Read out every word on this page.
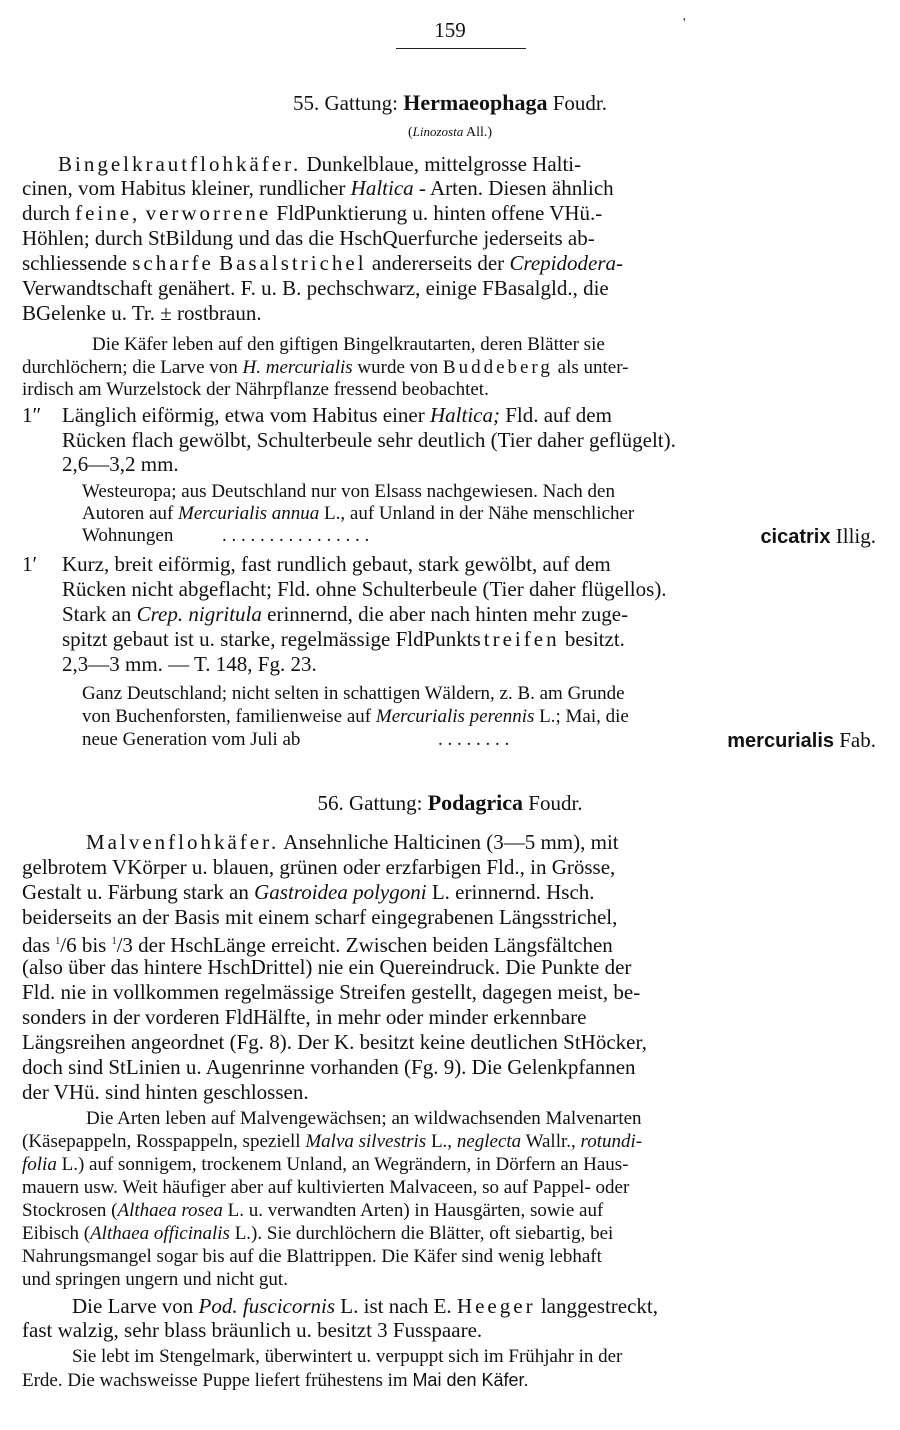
159	'
55. Gattung: Hermaeophaga Foudr.
(Linozosta All.)
Bingelkrautflohkäfer. Dunkelblaue, mittelgrosse Halti-
cinen, vom Habitus kleiner, rundlicher Haltica - Arten. Diesen ähnlich
durch feine, verworrene FldPunktierung u. hinten offene VHü.-
Höhlen; durch StBildung und das die HschQuerfurche jederseits ab-
schliessende scharfe Basalstrichel andererseits der Crepidodera-
Verwandtschaft genähert. F. u. B. pechschwarz, einige FBasalgld., die
BGelenke u. Tr. ± rostbraun.
Die Käfer leben auf den giftigen Bingelkrautarten, deren Blätter sie
durchlöchern; die Larve von H. mercurialis wurde von Buddeberg als unter-
irdisch am Wurzelstock der Nährpflanze fressend beobachtet.
1″ Länglich eiförmig, etwa vom Habitus einer Haltica; Fld. auf dem
Rücken flach gewölbt, Schulterbeule sehr deutlich (Tier daher geflügelt).
2,6—3,2 mm.
Westeuropa; aus Deutschland nur von Elsass nachgewiesen. Nach den
Autoren auf Mercurialis annua L., auf Unland in der Nähe menschlicher
Wohnungen	. . . . . . . . . . . . . . . .	cicatrix Illig.
1′	Kurz, breit eiförmig, fast rundlich gebaut, stark gewölbt, auf dem
Rücken nicht abgeflacht; Fld. ohne Schulterbeule (Tier daher flügellos).
Stark an Crep. nigritula erinnernd, die aber nach hinten mehr zuge-
spitzt gebaut ist u. starke, regelmässige FldPunktstreifen besitzt.
2,3—3 mm. — T. 148, Fg. 23.
Ganz Deutschland; nicht selten in schattigen Wäldern, z. B. am Grunde
von Buchenforsten, familienweise auf Mercurialis perennis L.; Mai, die
neue Generation vom Juli ab	. . . . . . . .	mercurialis Fab.
56. Gattung: Podagrica Foudr.
Malvenflohkäfer. Ansehnliche Halticinen (3—5 mm), mit
gelbrotem VKörper u. blauen, grünen oder erzfarbigen Fld., in Grösse,
Gestalt u. Färbung stark an Gastroidea polygoni L. erinnernd. Hsch.
beiderseits an der Basis mit einem scharf eingegrabenen Längsstrichel,
das $^1$/6 bis $^1$/3 der HschLänge erreicht. Zwischen beiden Längsfältchen
(also über das hintere HschDrittel) nie ein Quereindruck. Die Punkte der
Fld. nie in vollkommen regelmässige Streifen gestellt, dagegen meist, be-
sonders in der vorderen FldHälfte, in mehr oder minder erkennbare
Längsreihen angeordnet (Fg. 8). Der K. besitzt keine deutlichen StHöcker,
doch sind StLinien u. Augenrinne vorhanden (Fg. 9). Die Gelenkpfannen
der VHü. sind hinten geschlossen.
Die Arten leben auf Malvengewächsen; an wildwachsenden Malvenarten
(Käsepappeln, Rosspappeln, speziell Malva silvestris L., neglecta Wallr., rotundi-
folia L.) auf sonnigem, trockenem Unland, an Wegrändern, in Dörfern an Haus-
mauern usw. Weit häufiger aber auf kultivierten Malvaceen, so auf Pappel- oder
Stockrosen (Althaea rosea L. u. verwandten Arten) in Hausgärten, sowie auf
Eibisch (Althaea officinalis L.). Sie durchlöchern die Blätter, oft siebartig, bei
Nahrungsmangel sogar bis auf die Blattrippen. Die Käfer sind wenig lebhaft
und springen ungern und nicht gut.
Die Larve von Pod. fuscicornis L. ist nach E. Heeger langgestreckt,
fast walzig, sehr blass bräunlich u. besitzt 3 Fusspaare.
Sie lebt im Stengelmark, überwintert u. verpuppt sich im Frühjahr in der
Erde. Die wachsweisse Puppe liefert frühestens im Mai den Käfer.
